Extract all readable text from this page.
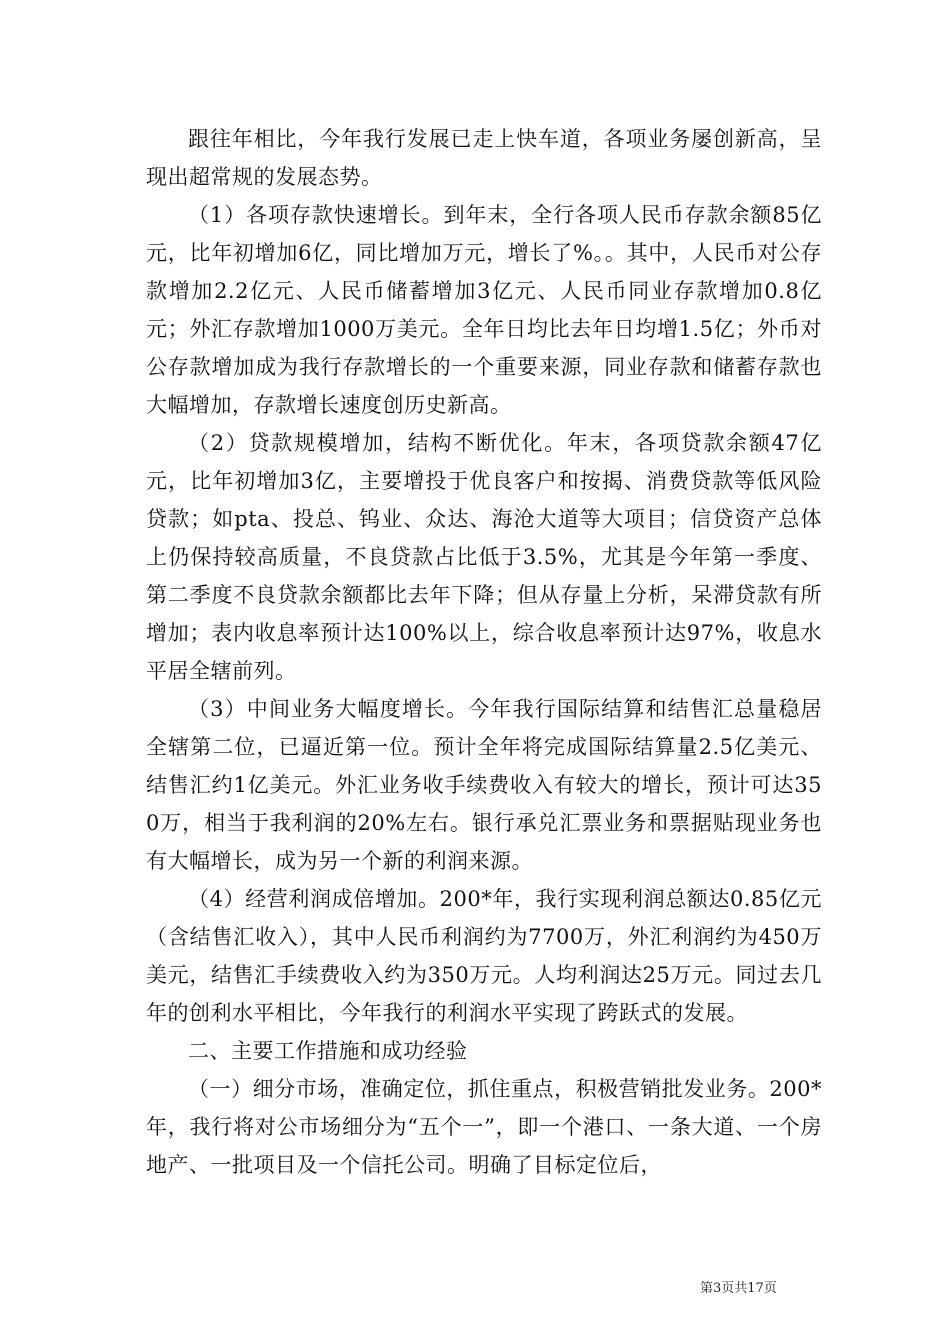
跟往年相比，今年我行发展已走上快车道，各项业务屡创新高，呈现出超常规的发展态势。

（1）各项存款快速增长。到年末，全行各项人民币存款余额85亿元，比年初增加6亿，同比增加万元，增长了%。。其中，人民币对公存款增加2.2亿元、人民币储蓄增加3亿元、人民币同业存款增加0.8亿元；外汇存款增加1000万美元。全年日均比去年日均增1.5亿；外币对公存款增加成为我行存款增长的一个重要来源，同业存款和储蓄存款也大幅增加，存款增长速度创历史新高。

（2）贷款规模增加，结构不断优化。年末，各项贷款余额47亿元，比年初增加3亿，主要增投于优良客户和按揭、消费贷款等低风险贷款；如pta、投总、钨业、众达、海沧大道等大项目；信贷资产总体上仍保持较高质量，不良贷款占比低于3.5%，尤其是今年第一季度、第二季度不良贷款余额都比去年下降；但从存量上分析，呆滞贷款有所增加；表内收息率预计达100%以上，综合收息率预计达97%，收息水平居全辖前列。

（3）中间业务大幅度增长。今年我行国际结算和结售汇总量稳居全辖第二位，已逼近第一位。预计全年将完成国际结算量2.5亿美元、结售汇约1亿美元。外汇业务收手续费收入有较大的增长，预计可达350万，相当于我利润的20%左右。银行承兑汇票业务和票据贴现业务也有大幅增长，成为另一个新的利润来源。

（4）经营利润成倍增加。200*年，我行实现利润总额达0.85亿元（含结售汇收入），其中人民币利润约为7700万，外汇利润约为450万美元，结售汇手续费收入约为350万元。人均利润达25万元。同过去几年的创利水平相比，今年我行的利润水平实现了跨跃式的发展。

二、主要工作措施和成功经验

（一）细分市场，准确定位，抓住重点，积极营销批发业务。200*年，我行将对公市场细分为“五个一”，即一个港口、一条大道、一个房地产、一批项目及一个信托公司。明确了目标定位后，

第3页共17页
